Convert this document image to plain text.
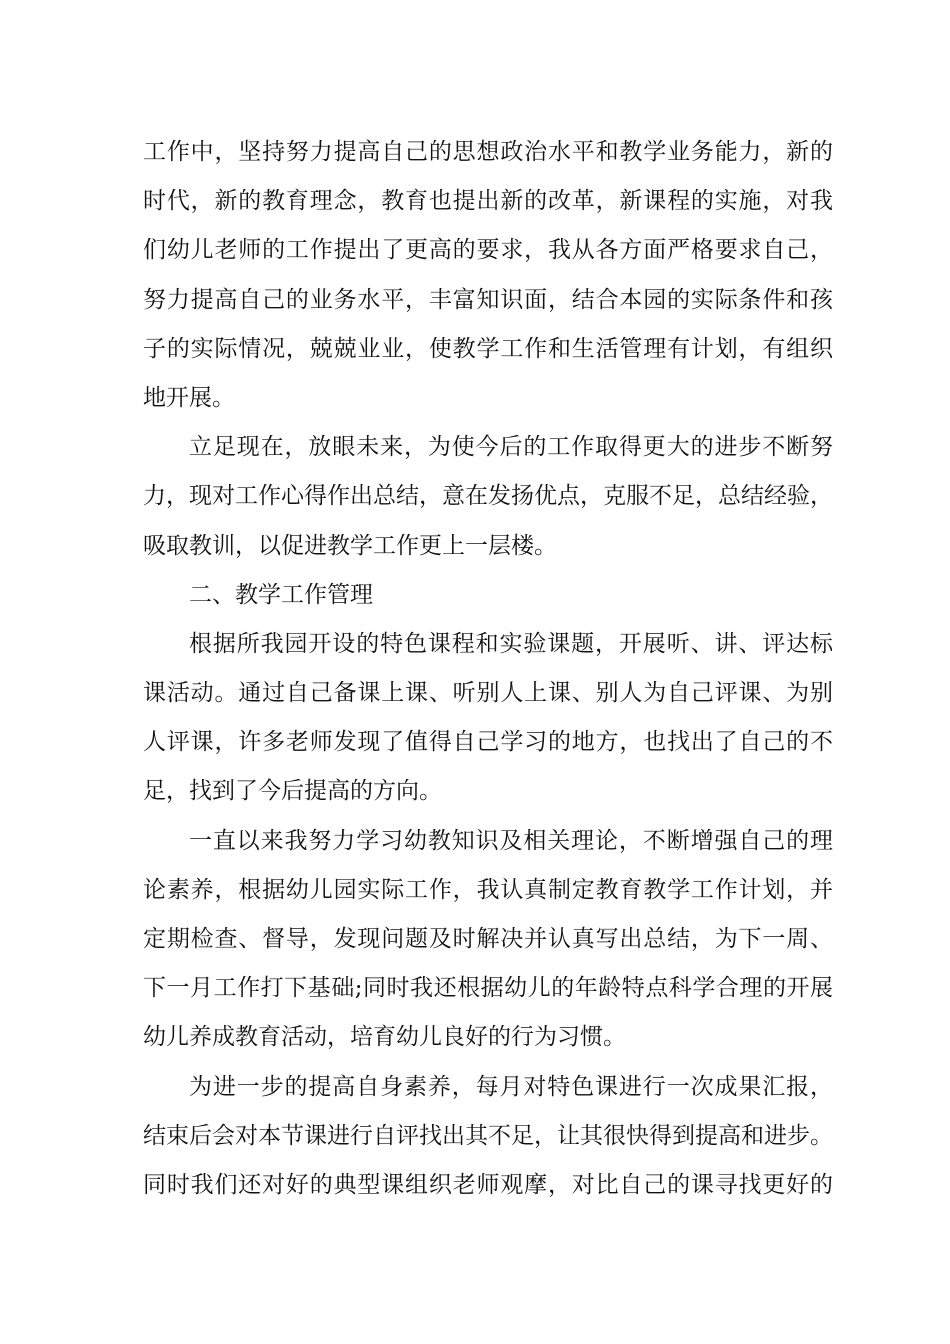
工作中，坚持努力提高自己的思想政治水平和教学业务能力，新的
时代，新的教育理念，教育也提出新的改革，新课程的实施，对我
们幼儿老师的工作提出了更高的要求，我从各方面严格要求自己，
努力提高自己的业务水平，丰富知识面，结合本园的实际条件和孩
子的实际情况，兢兢业业，使教学工作和生活管理有计划，有组织
地开展。
立足现在，放眼未来，为使今后的工作取得更大的进步不断努
力，现对工作心得作出总结，意在发扬优点，克服不足，总结经验，
吸取教训，以促进教学工作更上一层楼。
二、教学工作管理
根据所我园开设的特色课程和实验课题，开展听、讲、评达标
课活动。通过自己备课上课、听别人上课、别人为自己评课、为别
人评课，许多老师发现了值得自己学习的地方，也找出了自己的不
足，找到了今后提高的方向。
一直以来我努力学习幼教知识及相关理论，不断增强自己的理
论素养，根据幼儿园实际工作，我认真制定教育教学工作计划，并
定期检查、督导，发现问题及时解决并认真写出总结，为下一周、
下一月工作打下基础;同时我还根据幼儿的年龄特点科学合理的开展
幼儿养成教育活动，培育幼儿良好的行为习惯。
为进一步的提高自身素养，每月对特色课进行一次成果汇报，
结束后会对本节课进行自评找出其不足，让其很快得到提高和进步。
同时我们还对好的典型课组织老师观摩，对比自己的课寻找更好的
